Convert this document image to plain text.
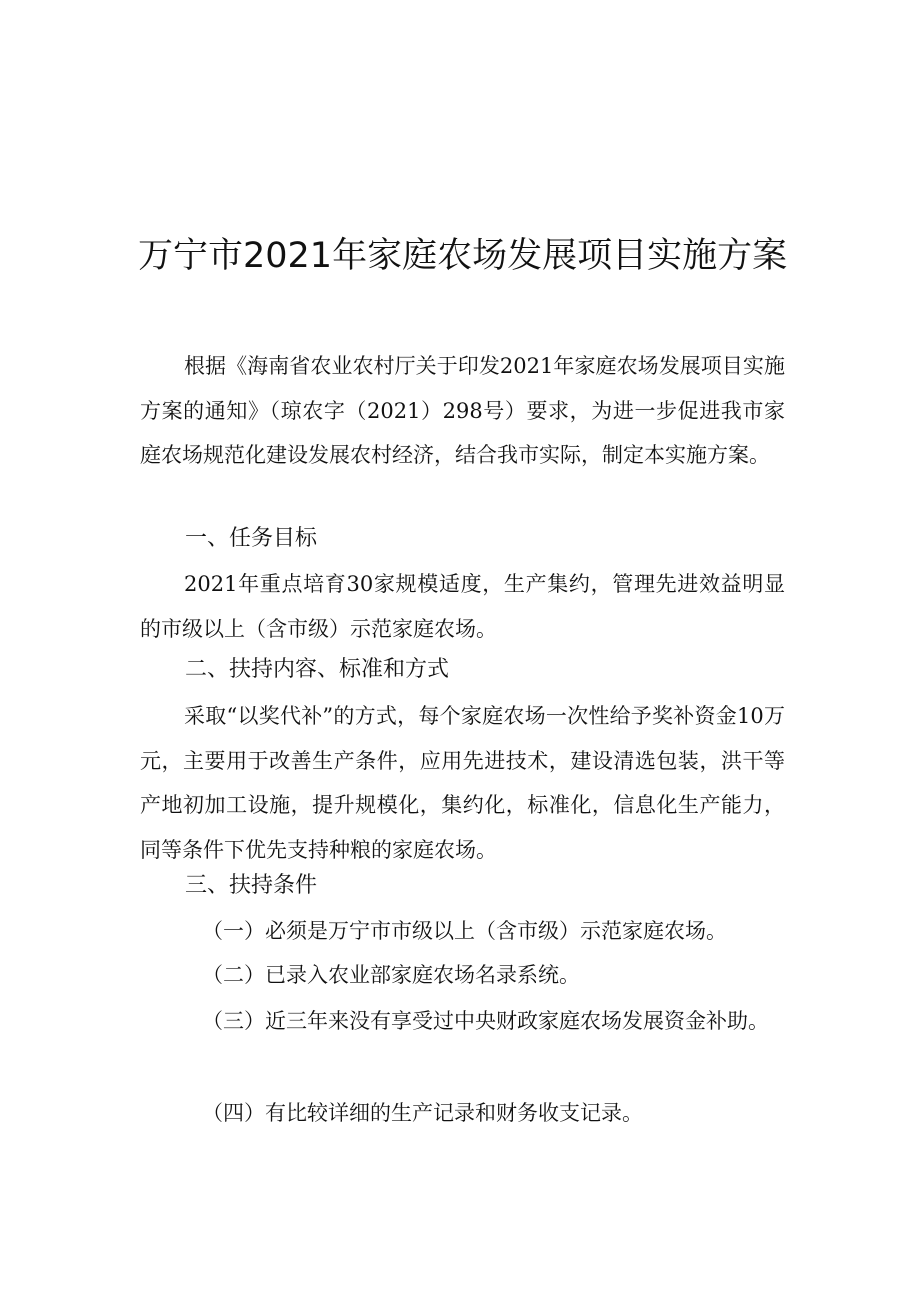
万宁市2021年家庭农场发展项目实施方案
根据《海南省农业农村厅关于印发2021年家庭农场发展项目实施方案的通知》（琼农字（2021）298号）要求，为进一步促进我市家庭农场规范化建设发展农村经济，结合我市实际，制定本实施方案。
一、任务目标
2021年重点培育30家规模适度，生产集约，管理先进效益明显的市级以上（含市级）示范家庭农场。
二、扶持内容、标准和方式
采取“以奖代补”的方式，每个家庭农场一次性给予奖补资金10万元，主要用于改善生产条件，应用先进技术，建设清选包装，洪干等产地初加工设施，提升规模化，集约化，标准化，信息化生产能力，同等条件下优先支持种粮的家庭农场。
三、扶持条件
（一）必须是万宁市市级以上（含市级）示范家庭农场。
（二）已录入农业部家庭农场名录系统。
（三）近三年来没有享受过中央财政家庭农场发展资金补助。
（四）有比较详细的生产记录和财务收支记录。
